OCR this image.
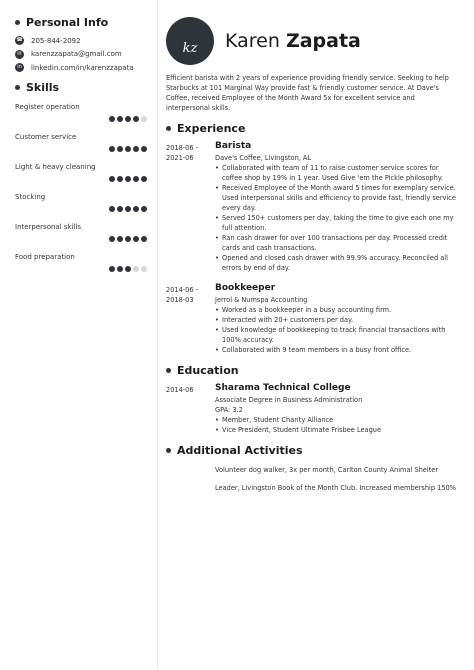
Personal Info
☎ 205-844-2092
✉	karenzzapata@gmail.com
in	linkedin.com/in/karenzzapata
Skills
Register operation
Customer service
Light & heavy cleaning
Stocking
Interpersonal skills
Food preparation
kz	Karen Zapata

Efficient barista with 2 years of experience providing friendly service. Seeking to help Starbucks at 101 Marginal Way provide fast & friendly customer service. At Dave's Coffee, received Employee of the Month Award 5x for excellent service and interpersonal skills.

Experience
2018-06 -
2021-06
Barista
Dave's Coffee, Livingston, AL
• Collaborated with team of 11 to raise customer service scores for coffee shop by 19% in 1 year. Used Give 'em the Pickle philosophy.
• Received Employee of the Month award 5 times for exemplary service. Used interpersonal skills and efficiency to provide fast, friendly service every day.
• Served 150+ customers per day, taking the time to give each one my full attention.
• Ran cash drawer for over 100 transactions per day. Processed credit cards and cash transactions.
• Opened and closed cash drawer with 99.9% accuracy. Reconciled all errors by end of day.
2014-06 -
2018-03
Bookkeeper
Jerrol & Numspa Accounting
• Worked as a bookkeeper in a busy accounting firm.
• Interacted with 20+ customers per day.
• Used knowledge of bookkeeping to track financial transactions with 100% accuracy.
• Collaborated with 9 team members in a busy front office.
Education
2014-06	Sharama Technical College
Associate Degree in Business Administration
GPA: 3.2
• Member, Student Charity Alliance
• Vice President, Student Ultimate Frisbee League
Additional Activities
Volunteer dog walker, 3x per month, Carlton County Animal Shelter
Leader, Livingston Book of the Month Club. Increased membership 150%
